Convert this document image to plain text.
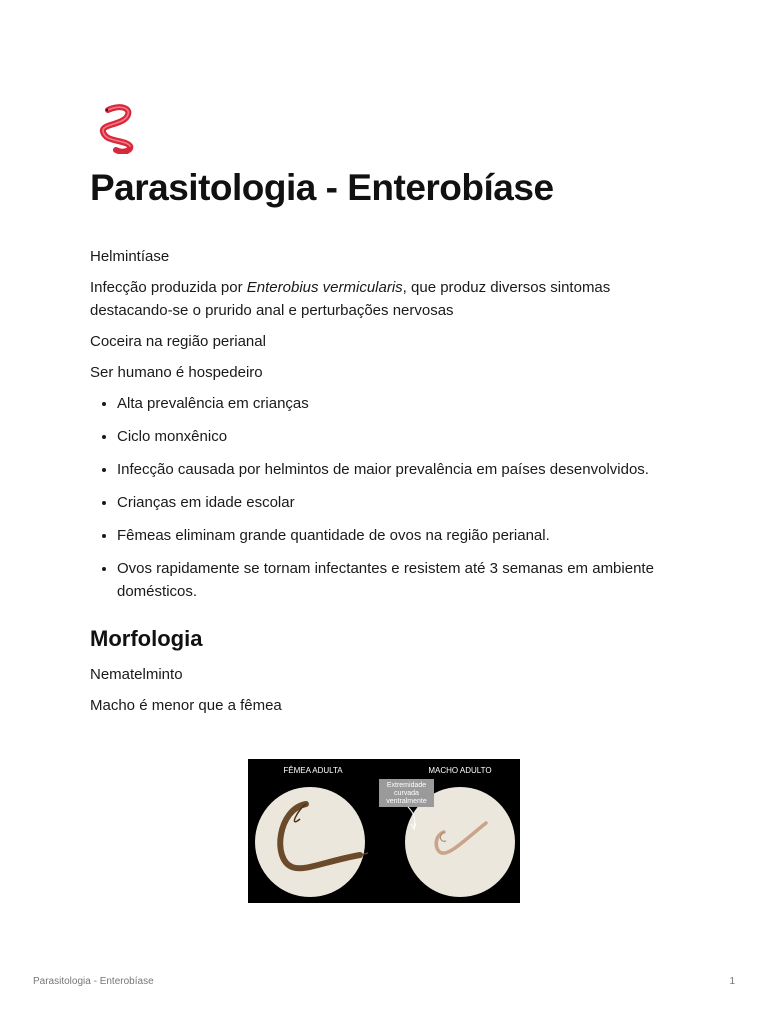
Parasitologia - Enterobíase

Helmintíase

Infecção produzida por Enterobius vermicularis, que produz diversos sintomas destacando-se o prurido anal e perturbações nervosas

Coceira na região perianal

Ser humano é hospedeiro

• Alta prevalência em crianças
• Ciclo monxênico
• Infecção causada por helmintos de maior prevalência em países desenvolvidos.
• Crianças em idade escolar
• Fêmeas eliminam grande quantidade de ovos na região perianal.
• Ovos rapidamente se tornam infectantes e resistem até 3 semanas em ambiente domésticos.
Morfologia

Nematelminto

Macho é menor que a fêmea

FÊMEA ADULTA	MACHO ADULTO
Extremidade
curvada
ventralmente
Parasitologia - Enterobíase	1
